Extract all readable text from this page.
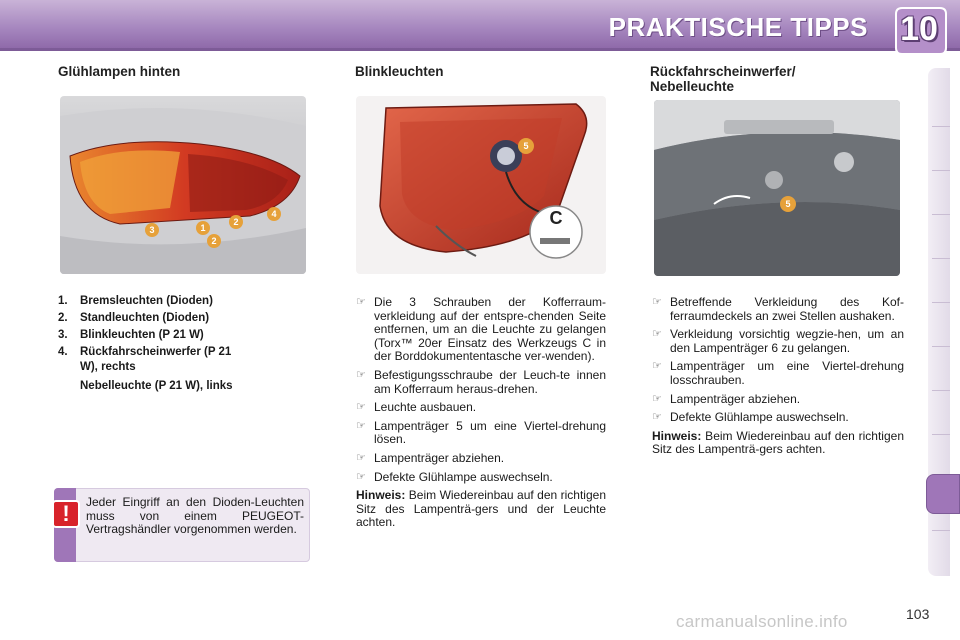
PRAKTISCHE TIPPS 10
Glühlampen hinten
1
2
3
4
2
1.	Bremsleuchten (Dioden)
2.	Standleuchten (Dioden)
3.	Blinkleuchten (P 21 W)
4.	Rückfahrscheinwerfer (P 21 W), rechts
Nebelleuchte (P 21 W), links
!	Jeder Eingriff an den Dioden-Leuchten muss von einem PEUGEOT-Vertragshändler vorgenommen werden.
Blinkleuchten
5
C
☞ Die 3 Schrauben der Kofferraum-verkleidung auf der entspre-chenden Seite entfernen, um an die Leuchte zu gelangen (Torx™ 20er Einsatz des Werkzeugs C in der Borddokumententasche ver-wenden).
☞ Befestigungsschraube der Leuch-te innen am Kofferraum heraus-drehen.
☞ Leuchte ausbauen.
☞ Lampenträger 5 um eine Viertel-drehung lösen.
☞ Lampenträger abziehen.
☞ Defekte Glühlampe auswechseln.
Hinweis: Beim Wiedereinbau auf den richtigen Sitz des Lampenträ-gers und der Leuchte achten.
Rückfahrscheinwerfer/ Nebelleuchte
5
☞ Betreffende Verkleidung des Kof-ferraumdeckels an zwei Stellen aushaken.
☞ Verkleidung vorsichtig wegzie-hen, um an den Lampenträger 6 zu gelangen.
☞ Lampenträger um eine Viertel-drehung losschrauben.
☞ Lampenträger abziehen.
☞ Defekte Glühlampe auswechseln.
Hinweis: Beim Wiedereinbau auf den richtigen Sitz des Lampenträ-gers achten.
103
carmanualsonline.info
